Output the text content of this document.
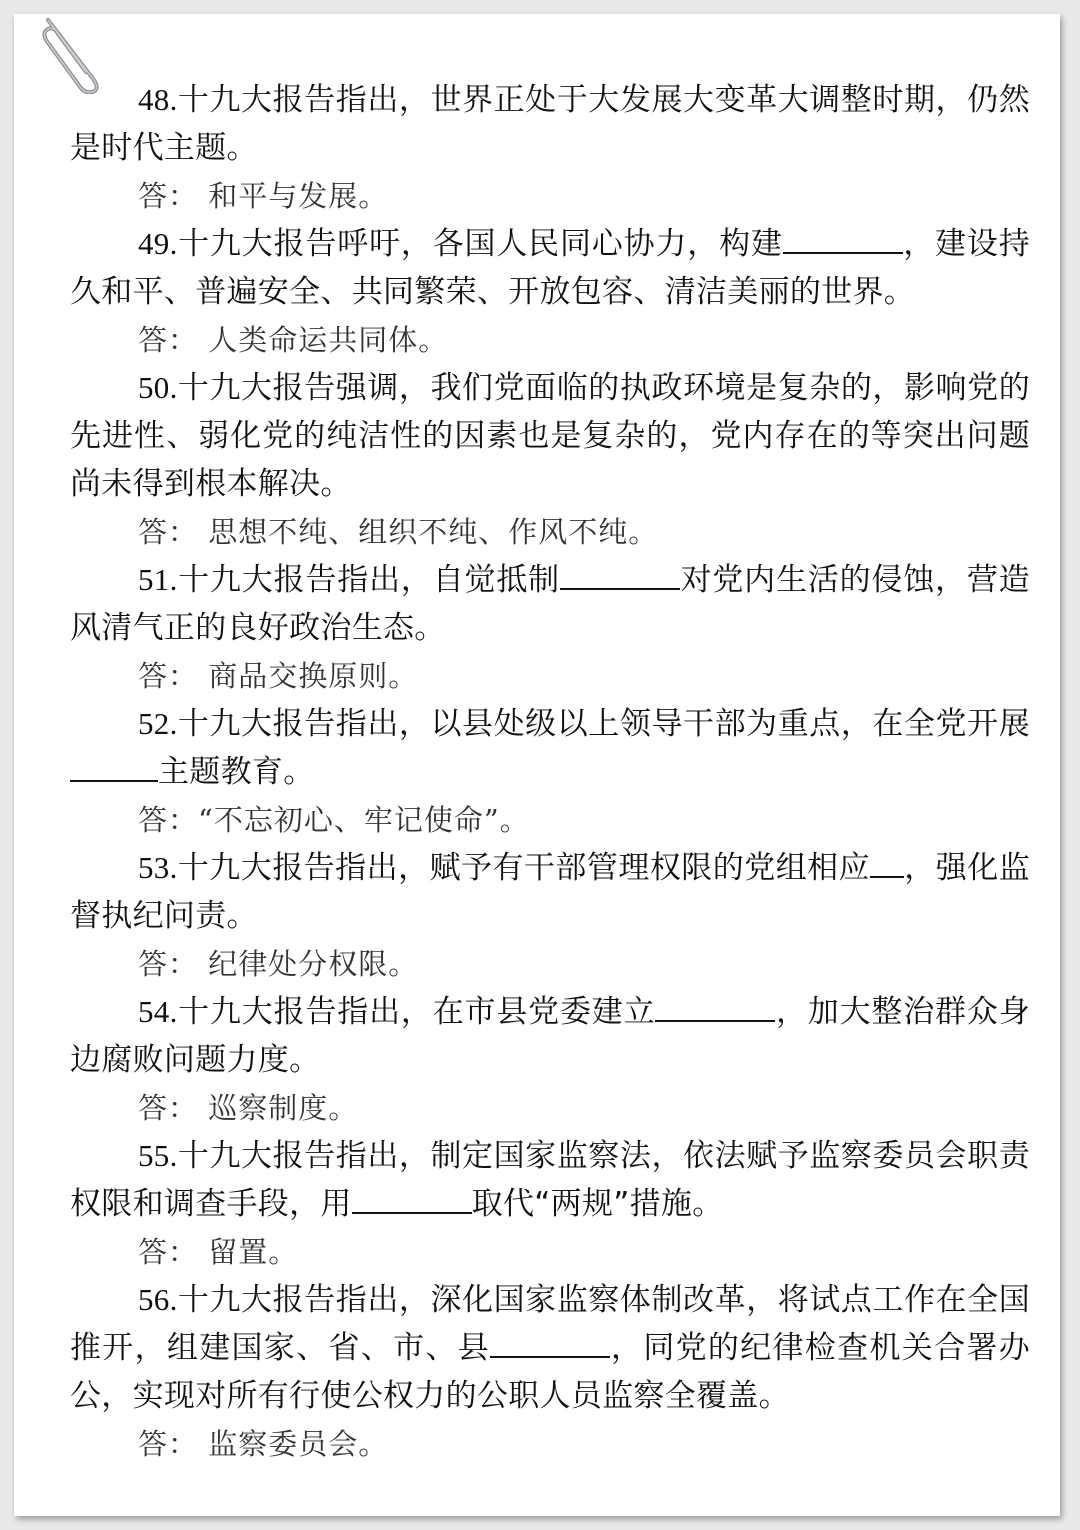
48.十九大报告指出，世界正处于大发展大变革大调整时期，仍然是时代主题。

答： 和平与发展。

49.十九大报告呼吁，各国人民同心协力，构建	，建设持久和平、普遍安全、共同繁荣、开放包容、清洁美丽的世界。

答： 人类命运共同体。

50.十九大报告强调，我们党面临的执政环境是复杂的，影响党的先进性、弱化党的纯洁性的因素也是复杂的，党内存在的等突出问题尚未得到根本解决。

答： 思想不纯、组织不纯、作风不纯。

51.十九大报告指出，自觉抵制	对党内生活的侵蚀，营造风清气正的良好政治生态。

答： 商品交换原则。

52.十九大报告指出，以县处级以上领导干部为重点，在全党开展主题教育。

答：“不忘初心、牢记使命”。

53.十九大报告指出，赋予有干部管理权限的党组相应 ，强化监督执纪问责。

答： 纪律处分权限。

54.十九大报告指出，在市县党委建立	，加大整治群众身边腐败问题力度。

答： 巡察制度。

55.十九大报告指出，制定国家监察法，依法赋予监察委员会职责权限和调查手段，用	取代“两规”措施。

答： 留置。

56.十九大报告指出，深化国家监察体制改革，将试点工作在全国推开，组建国家、省、市、县	，同党的纪律检查机关合署办公，实现对所有行使公权力的公职人员监察全覆盖。

答： 监察委员会。
